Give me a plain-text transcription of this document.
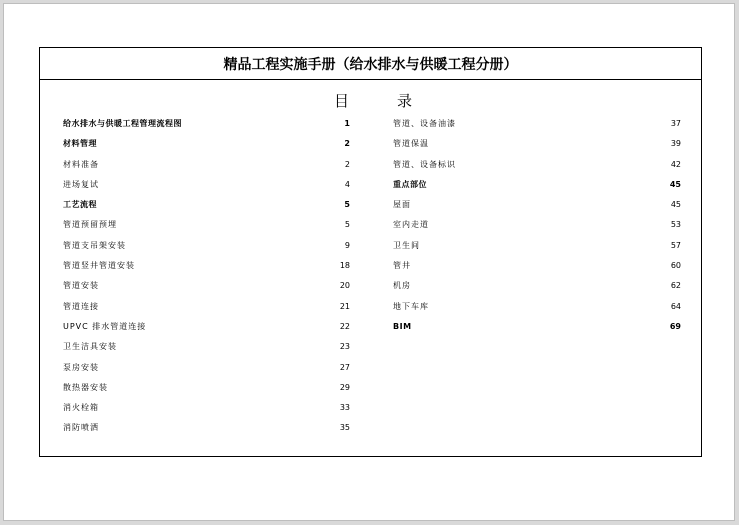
精品工程实施手册（给水排水与供暖工程分册）
目	录
给水排水与供暖工程管理流程图	1
材料管理	2
材料准备	2
进场复试	4
工艺流程	5
管道预留预埋	5
管道支吊架安装	9
管道竖井管道安装	18
管道安装	20
管道连接	21
UPVC 排水管道连接	22
卫生洁具安装	23
泵房安装	27
散热器安装	29
消火栓箱	33
消防喷洒	35
管道、设备油漆	37
管道保温	39
管道、设备标识	42
重点部位	45
屋面	45
室内走道	53
卫生间	57
管井	60
机房	62
地下车库	64
BIM	69
